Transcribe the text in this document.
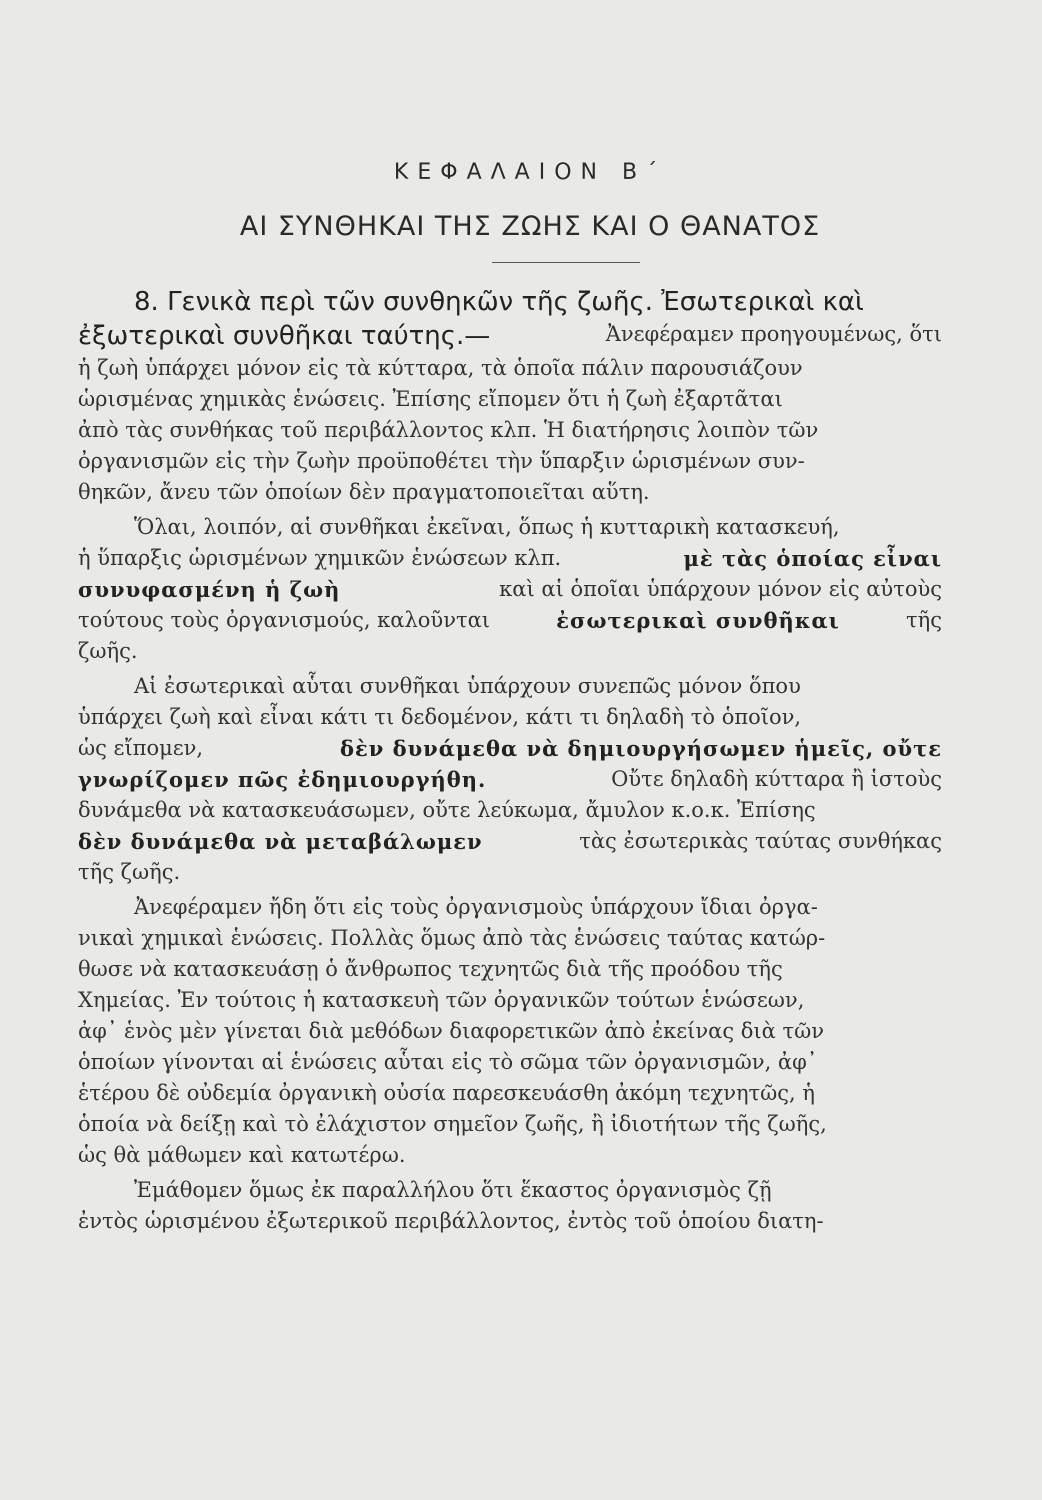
ΚΕΦΑΛΑΙΟΝ Β΄
ΑΙ ΣΥΝΘΗΚΑΙ ΤΗΣ ΖΩΗΣ ΚΑΙ Ο ΘΑΝΑΤΟΣ
8. Γενικὰ περὶ τῶν συνθηκῶν τῆς ζωῆς. Ἐσωτερικαὶ καὶ
ἐξωτερικαὶ συνθῆκαι ταύτης.—	Ἀνεφέραμεν προηγουμένως, ὅτι
ἡ ζωὴ ὑπάρχει μόνον εἰς τὰ κύτταρα, τὰ ὁποῖα πάλιν παρουσιάζουν
ὡρισμένας χημικὰς ἑνώσεις. Ἐπίσης εἴπομεν ὅτι ἡ ζωὴ ἐξαρτᾶται
ἀπὸ τὰς συνθήκας τοῦ περιβάλλοντος κλπ. Ἡ διατήρησις λοιπὸν τῶν
ὀργανισμῶν εἰς τὴν ζωὴν προϋποθέτει τὴν ὕπαρξιν ὡρισμένων συν-
θηκῶν, ἄνευ τῶν ὁποίων δὲν πραγματοποιεῖται αὕτη.
Ὅλαι, λοιπόν, αἱ συνθῆκαι ἐκεῖναι, ὅπως ἡ κυτταρικὴ κατασκευή,
ἡ ὕπαρξις ὡρισμένων χημικῶν ἑνώσεων κλπ.	μὲ τὰς ὁποίας εἶναι
συνυφασμένη ἡ ζωὴ	καὶ αἱ ὁποῖαι ὑπάρχουν μόνον εἰς αὐτοὺς
τούτους τοὺς ὀργανισμούς, καλοῦνται	ἐσωτερικαὶ συνθῆκαι	τῆς
ζωῆς.
Αἱ ἐσωτερικαὶ αὗται συνθῆκαι ὑπάρχουν συνεπῶς μόνον ὅπου
ὑπάρχει ζωὴ καὶ εἶναι κάτι τι δεδομένον, κάτι τι δηλαδὴ τὸ ὁποῖον,
ὡς εἴπομεν,	δὲν δυνάμεθα νὰ δημιουργήσωμεν ἡμεῖς, οὔτε
γνωρίζομεν πῶς ἐδημιουργήθη.	Οὔτε δηλαδὴ κύτταρα ἢ ἱστοὺς
δυνάμεθα νὰ κατασκευάσωμεν, οὔτε λεύκωμα, ἄμυλον κ.ο.κ. Ἐπίσης
δὲν δυνάμεθα νὰ μεταβάλωμεν	τὰς ἐσωτερικὰς ταύτας συνθήκας
τῆς ζωῆς.
Ἀνεφέραμεν ἤδη ὅτι εἰς τοὺς ὀργανισμοὺς ὑπάρχουν ἴδιαι ὀργα-
νικαὶ χημικαὶ ἑνώσεις. Πολλὰς ὅμως ἀπὸ τὰς ἑνώσεις ταύτας κατώρ-
θωσε νὰ κατασκευάσῃ ὁ ἄνθρωπος τεχνητῶς διὰ τῆς προόδου τῆς
Χημείας. Ἐν τούτοις ἡ κατασκευὴ τῶν ὀργανικῶν τούτων ἑνώσεων,
ἀφ᾽ ἑνὸς μὲν γίνεται διὰ μεθόδων διαφορετικῶν ἀπὸ ἐκείνας διὰ τῶν
ὁποίων γίνονται αἱ ἑνώσεις αὗται εἰς τὸ σῶμα τῶν ὀργανισμῶν, ἀφ᾽
ἑτέρου δὲ οὐδεμία ὀργανικὴ οὐσία παρεσκευάσθη ἀκόμη τεχνητῶς, ἡ
ὁποία νὰ δείξῃ καὶ τὸ ἐλάχιστον σημεῖον ζωῆς, ἢ ἰδιοτήτων τῆς ζωῆς,
ὡς θὰ μάθωμεν καὶ κατωτέρω.
Ἐμάθομεν ὅμως ἐκ παραλλήλου ὅτι ἕκαστος ὀργανισμὸς ζῇ
ἐντὸς ὡρισμένου ἐξωτερικοῦ περιβάλλοντος, ἐντὸς τοῦ ὁποίου διατη-
